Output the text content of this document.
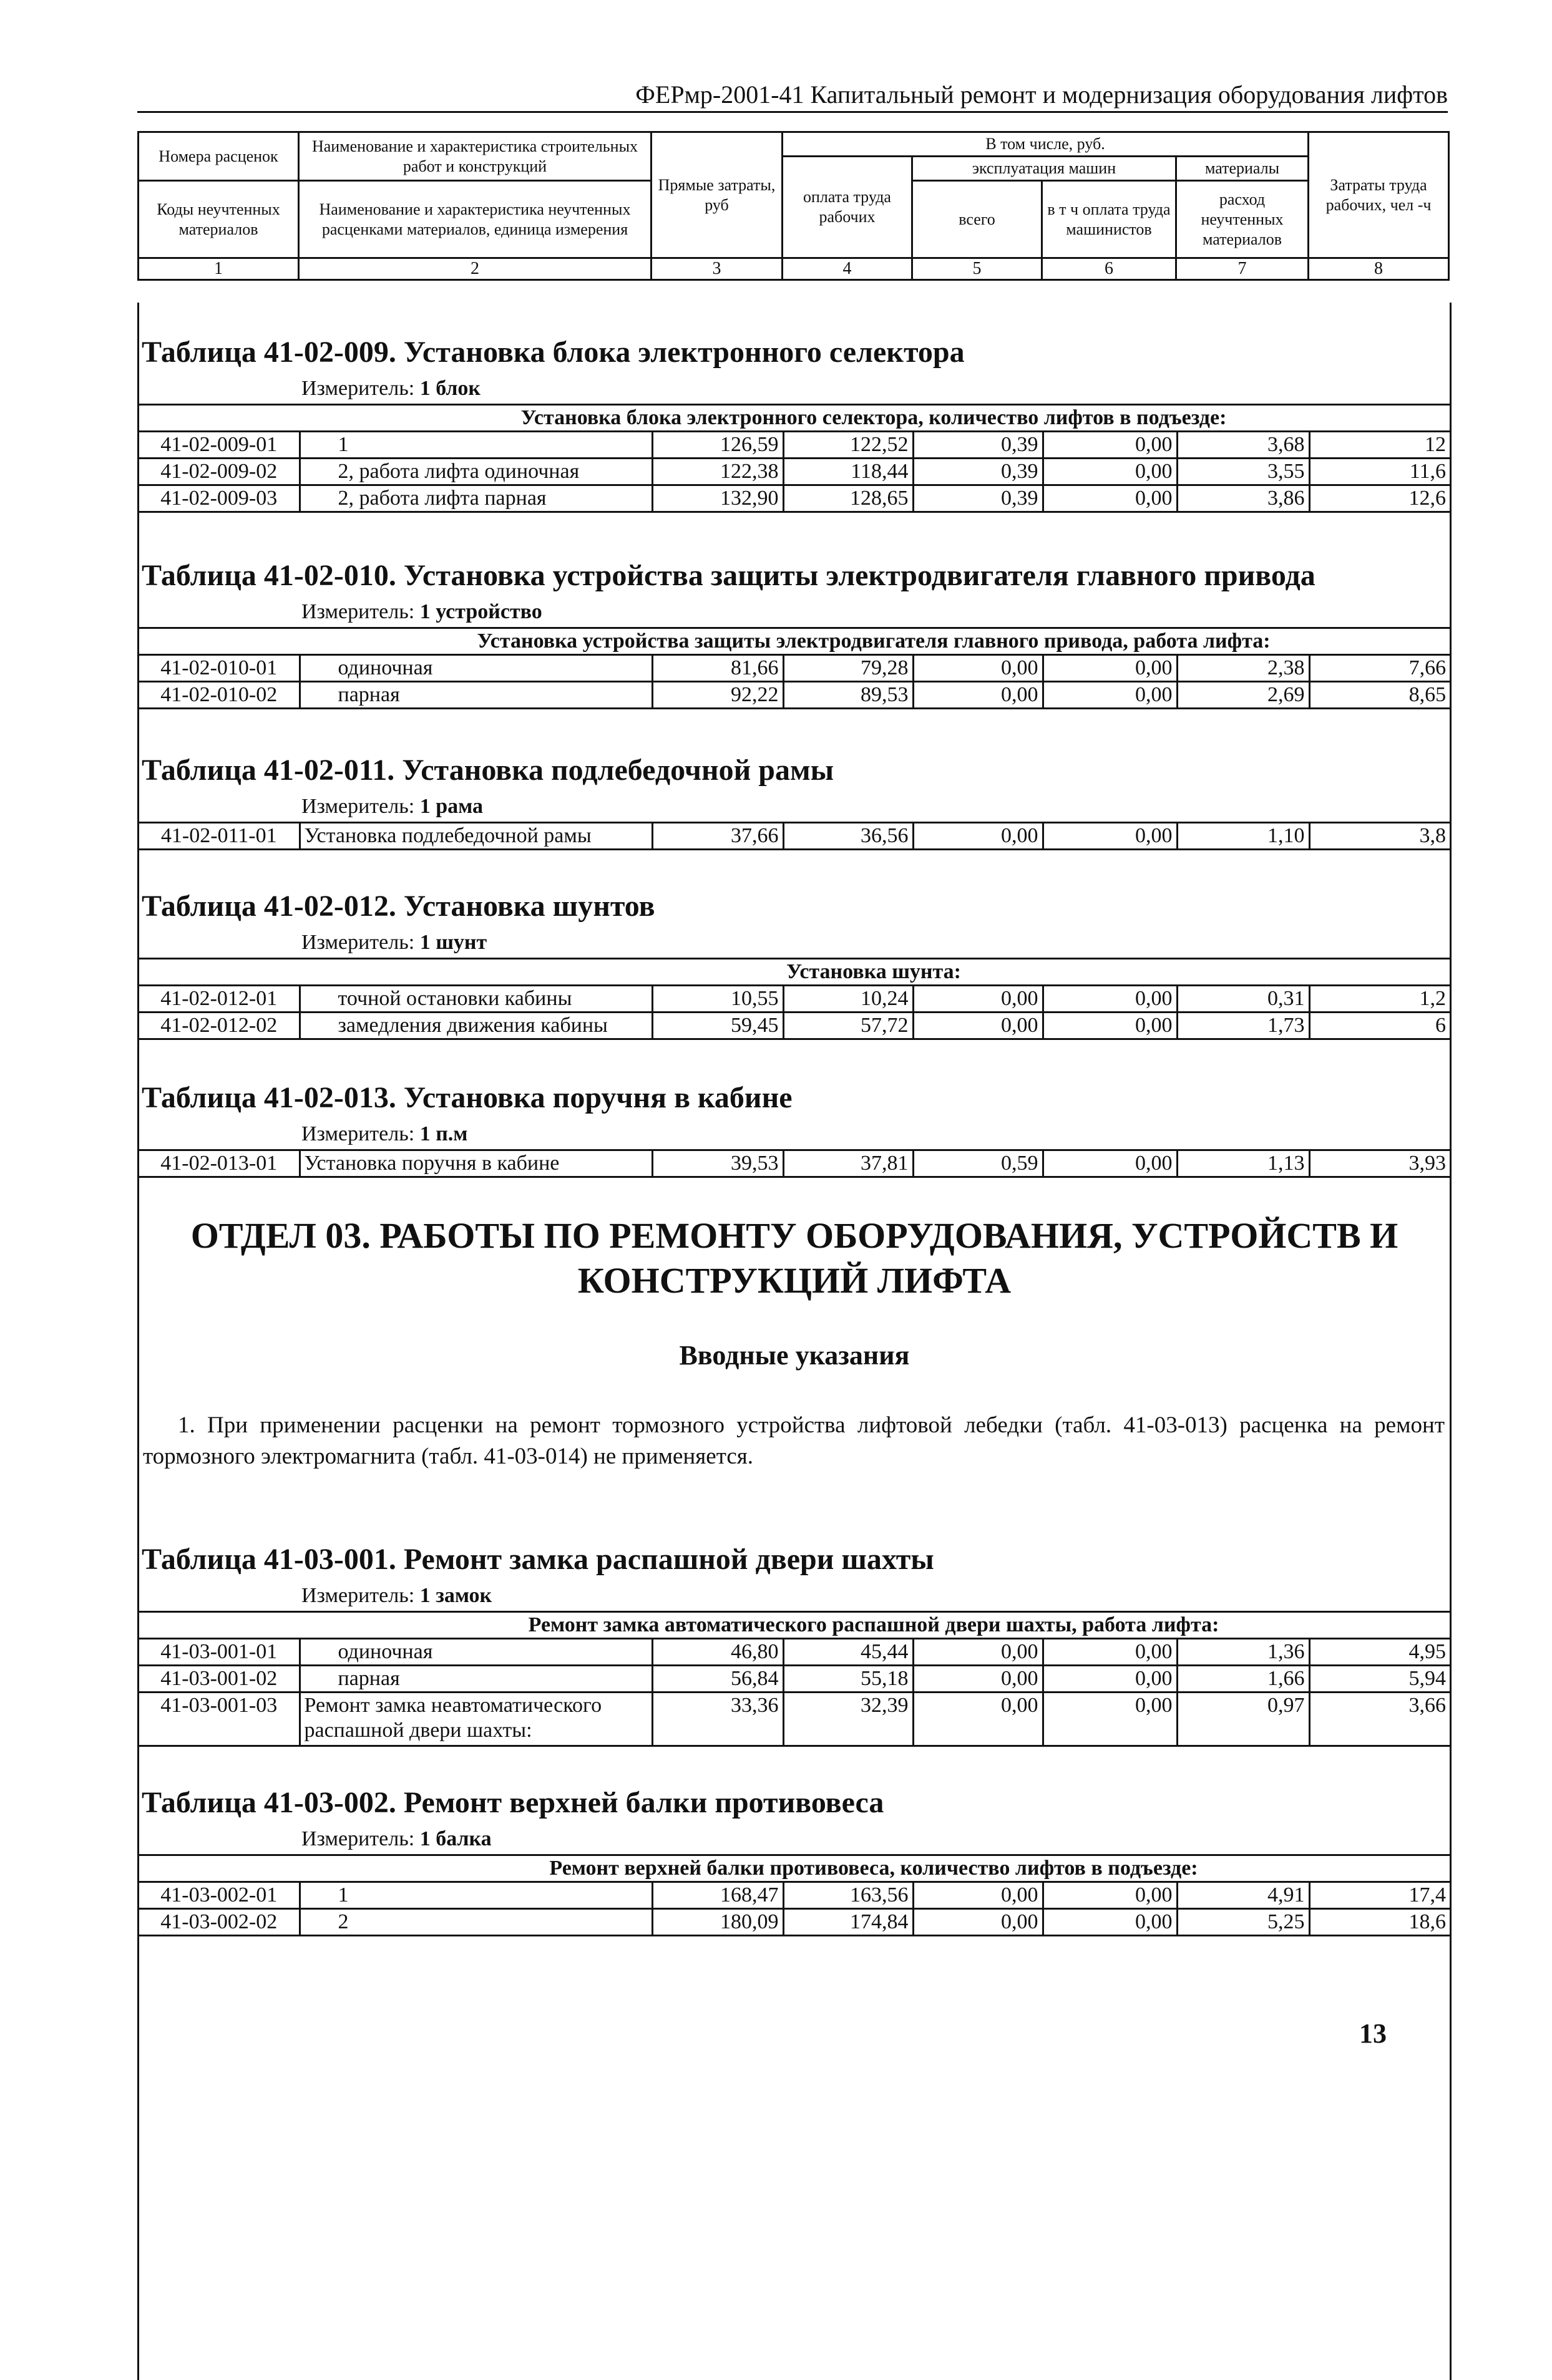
ФЕРмр-2001-41 Капитальный ремонт и модернизация оборудования лифтов
Номера расценок	Наименование и характеристика строительных работ и конструкций	Прямые затраты, руб	В том числе, руб.				Затраты труда рабочих, чел -ч
			оплата труда рабочих	эксплуатация машин		материалы	
Коды неучтенных материалов	Наименование и характеристика неучтенных расценками материалов, единица измерения			всего	в т ч оплата труда машинистов	расход неучтенных материалов	

1	2	3	4	5	6	7	8
Таблица 41-02-009. Установка блока электронного селектора
Измеритель: 1 блок
Установка блока электронного селектора, количество лифтов в подъезде:							
41-02-009-01	1	126,59	122,52	0,39	0,00	3,68	12
41-02-009-02	2, работа лифта одиночная	122,38	118,44	0,39	0,00	3,55	11,6
41-02-009-03	2, работа лифта парная	132,90	128,65	0,39	0,00	3,86	12,6
Таблица 41-02-010. Установка устройства защиты электродвигателя главного привода
Измеритель: 1 устройство
Установка устройства защиты электродвигателя главного привода, работа лифта:							
41-02-010-01	одиночная	81,66	79,28	0,00	0,00	2,38	7,66
41-02-010-02	парная	92,22	89,53	0,00	0,00	2,69	8,65
Таблица 41-02-011. Установка подлебедочной рамы
Измеритель: 1 рама
41-02-011-01	Установка подлебедочной рамы	37,66	36,56	0,00	0,00	1,10	3,8
Таблица 41-02-012. Установка шунтов
Измеритель: 1 шунт
Установка шунта:							
41-02-012-01	точной остановки кабины	10,55	10,24	0,00	0,00	0,31	1,2
41-02-012-02	замедления движения кабины	59,45	57,72	0,00	0,00	1,73	6
Таблица 41-02-013. Установка поручня в кабине
Измеритель: 1 п.м
41-02-013-01	Установка поручня в кабине	39,53	37,81	0,59	0,00	1,13	3,93
ОТДЕЛ 03. РАБОТЫ ПО РЕМОНТУ ОБОРУДОВАНИЯ, УСТРОЙСТВ И КОНСТРУКЦИЙ ЛИФТА
Вводные указания
1. При применении расценки на ремонт тормозного устройства лифтовой лебедки (табл. 41-03-013) расценка на ремонт тормозного электромагнита (табл. 41-03-014) не применяется.
Таблица 41-03-001. Ремонт замка распашной двери шахты
Измеритель: 1 замок
Ремонт замка автоматического распашной двери шахты, работа лифта:							
41-03-001-01	одиночная	46,80	45,44	0,00	0,00	1,36	4,95
41-03-001-02	парная	56,84	55,18	0,00	0,00	1,66	5,94
41-03-001-03	Ремонт замка неавтоматического распашной двери шахты:	33,36	32,39	0,00	0,00	0,97	3,66
Таблица 41-03-002. Ремонт верхней балки противовеса
Измеритель: 1 балка
Ремонт верхней балки противовеса, количество лифтов в подъезде:							
41-03-002-01	1	168,47	163,56	0,00	0,00	4,91	17,4
41-03-002-02	2	180,09	174,84	0,00	0,00	5,25	18,6
13
